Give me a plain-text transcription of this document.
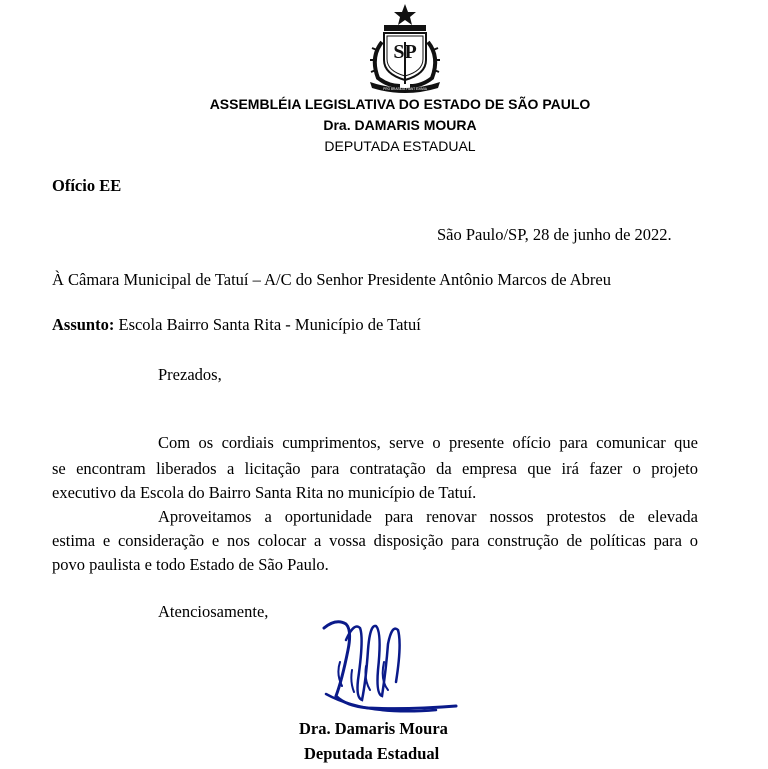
SP
PRO BRASILIA FIANT EXIMIA
ASSEMBLÉIA LEGISLATIVA DO ESTADO DE SÃO PAULO
Dra. DAMARIS MOURA
DEPUTADA ESTADUAL
Ofício EE
São Paulo/SP, 28 de junho de 2022.
À Câmara Municipal de Tatuí – A/C do Senhor Presidente Antônio Marcos de Abreu
Assunto: Escola Bairro Santa Rita - Município de Tatuí
Prezados,
Com os cordiais cumprimentos, serve o presente ofício para comunicar que
se encontram liberados a licitação para contratação da empresa que irá fazer o projeto
executivo da Escola do Bairro Santa Rita no município de Tatuí.
Aproveitamos a oportunidade para renovar nossos protestos de elevada
estima e consideração e nos colocar a vossa disposição para construção de políticas para o
povo paulista e todo Estado de São Paulo.
Atenciosamente,
Dra. Damaris Moura
Deputada Estadual
